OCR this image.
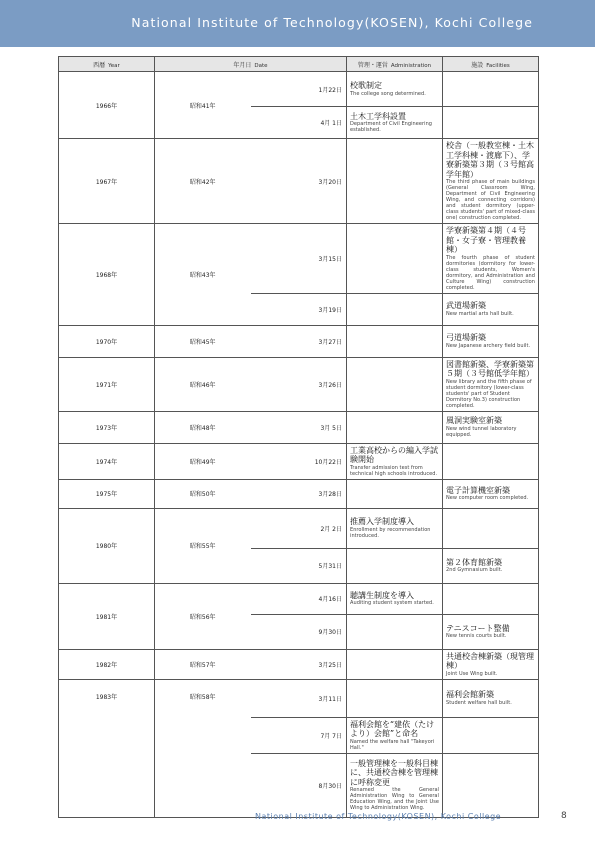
National Institute of Technology(KOSEN), Kochi College
西暦 Year	年月日 Date		管理・運営 Administration	施設 Facilities
1966年	昭和41年	1月22日	校歌制定
The college song determined.	

		4月 1日	土木工学科設置
Department of Civil Engineering established.	

1967年	昭和42年	3月20日		校舎（一般教室棟・土木工学科棟・渡廊下）、学寮新築第３期（３号館高学年館）
The third phase of main buildings (General Classroom Wing, Department of Civil Engineering Wing, and connecting corridors) and student dormitory (upper-class students' part of mixed-class one) construction completed.

1968年	昭和43年	3月15日		学寮新築第４期（４号館・女子寮・管理教養棟）
The fourth phase of student dormitories (dormitory for lower-class students, Women's dormitory, and Administration and Culture Wing) construction completed.

		3月19日		武道場新築
New martial arts hall built.

1970年	昭和45年	3月27日		弓道場新築
New Japanese archery field built.

1971年	昭和46年	3月26日		図書館新築、学寮新築第５期（３号館低学年館）
New library and the fifth phase of student dormitory (lower-class students' part of Student Dormitory No.3) construction completed.

1973年	昭和48年	3月 5日		風洞実験室新築
New wind tunnel laboratory equipped.

1974年	昭和49年	10月22日	工業高校からの編入学試験開始
Transfer admission test from technical high schools introduced.	

1975年	昭和50年	3月28日		電子計算機室新築
New computer room completed.

1980年	昭和55年	2月 2日	推薦入学制度導入
Enrollment by recommendation introduced.	

		5月31日		第２体育館新築
2nd Gymnasium built.

1981年	昭和56年	4月16日	聴講生制度を導入
Auditing student system started.	

		9月30日		テニスコート整備
New tennis courts built.

1982年	昭和57年	3月25日		共通校舎棟新築（現管理棟）
Joint Use Wing built.

1983年	昭和58年	3月11日		福利会館新築
Student welfare hall built.

		7月 7日	福利会館を“建依（たけより）会館”と命名
Named the welfare hall "Takeyori Hall."	

		8月30日	一般管理棟を一般科目棟に、共通校舎棟を管理棟に呼称変更
Renamed the General Administration Wing to General Education Wing, and the Joint Use Wing to Administration Wing.	

National Institute of Technology(KOSEN), Kochi College	8
